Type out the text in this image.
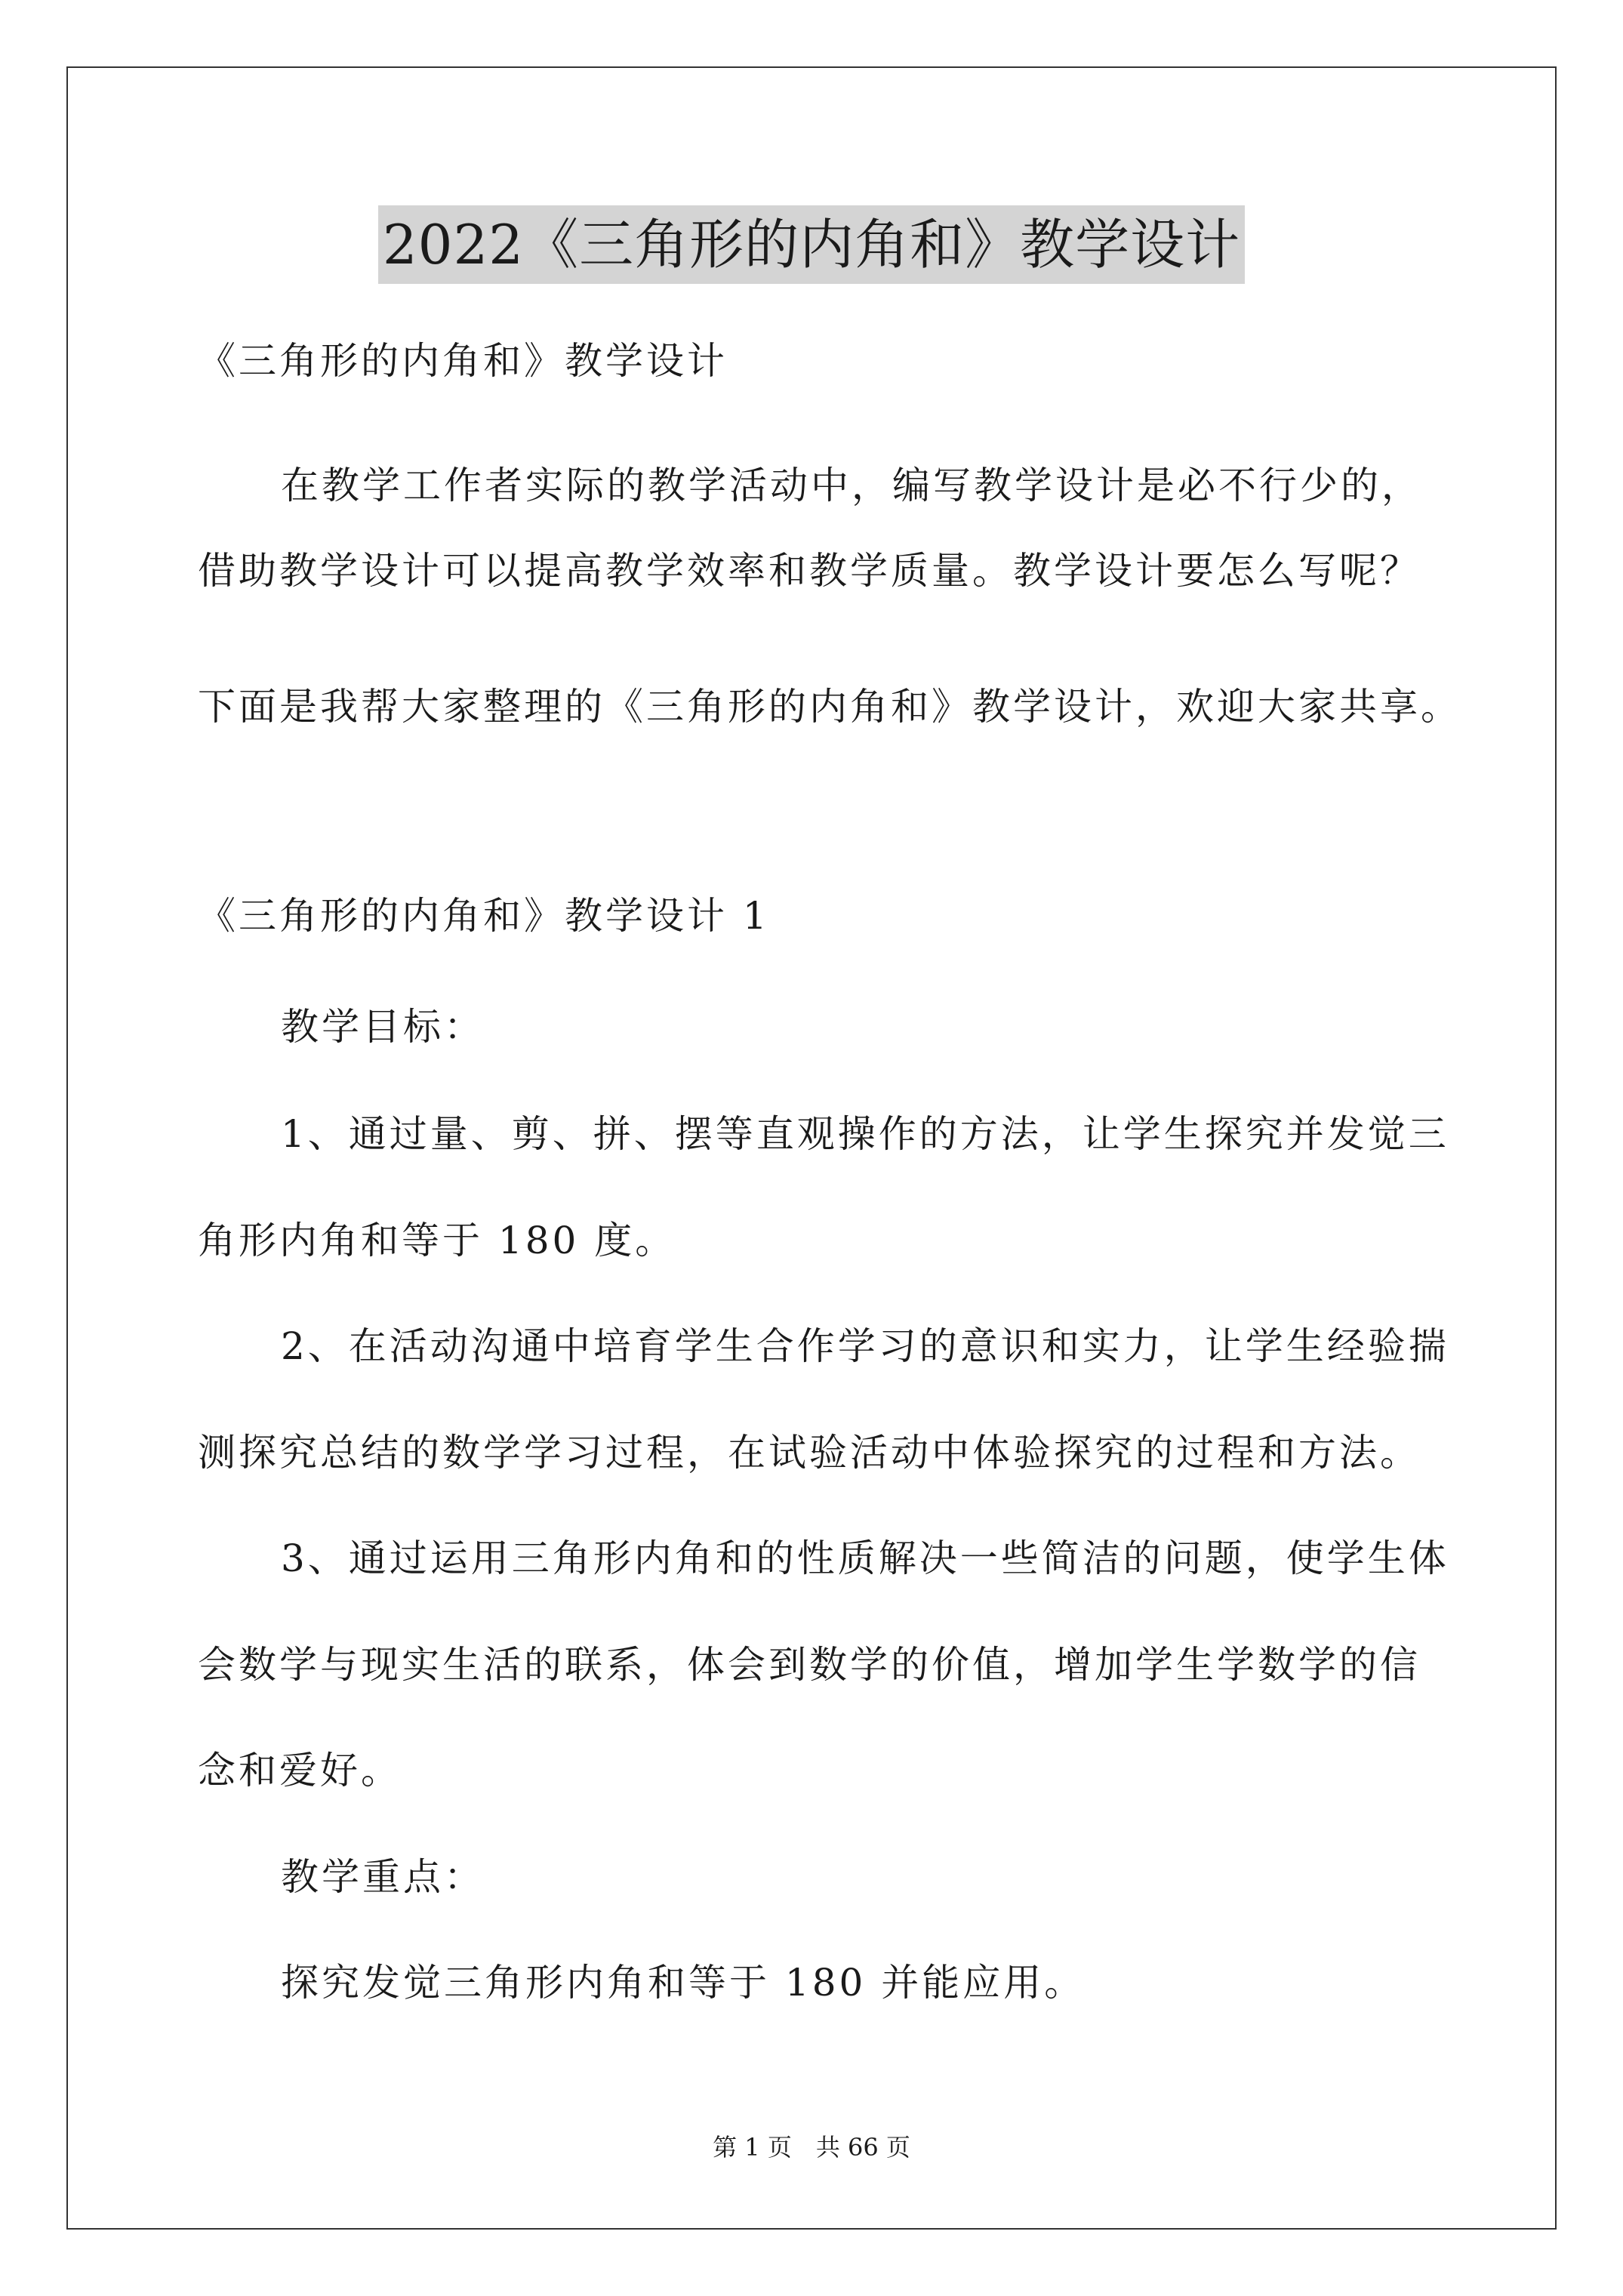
2022《三角形的内角和》教学设计
《三角形的内角和》教学设计
在教学工作者实际的教学活动中，编写教学设计是必不行少的，
借助教学设计可以提高教学效率和教学质量。教学设计要怎么写呢？
下面是我帮大家整理的《三角形的内角和》教学设计，欢迎大家共享。
《三角形的内角和》教学设计 1
教学目标：
1、通过量、剪、拼、摆等直观操作的方法，让学生探究并发觉三
角形内角和等于 180 度。
2、在活动沟通中培育学生合作学习的意识和实力，让学生经验揣
测探究总结的数学学习过程，在试验活动中体验探究的过程和方法。
3、通过运用三角形内角和的性质解决一些简洁的问题，使学生体
会数学与现实生活的联系，体会到数学的价值，增加学生学数学的信
念和爱好。
教学重点：
探究发觉三角形内角和等于 180 并能应用。
第 1 页　共 66 页
